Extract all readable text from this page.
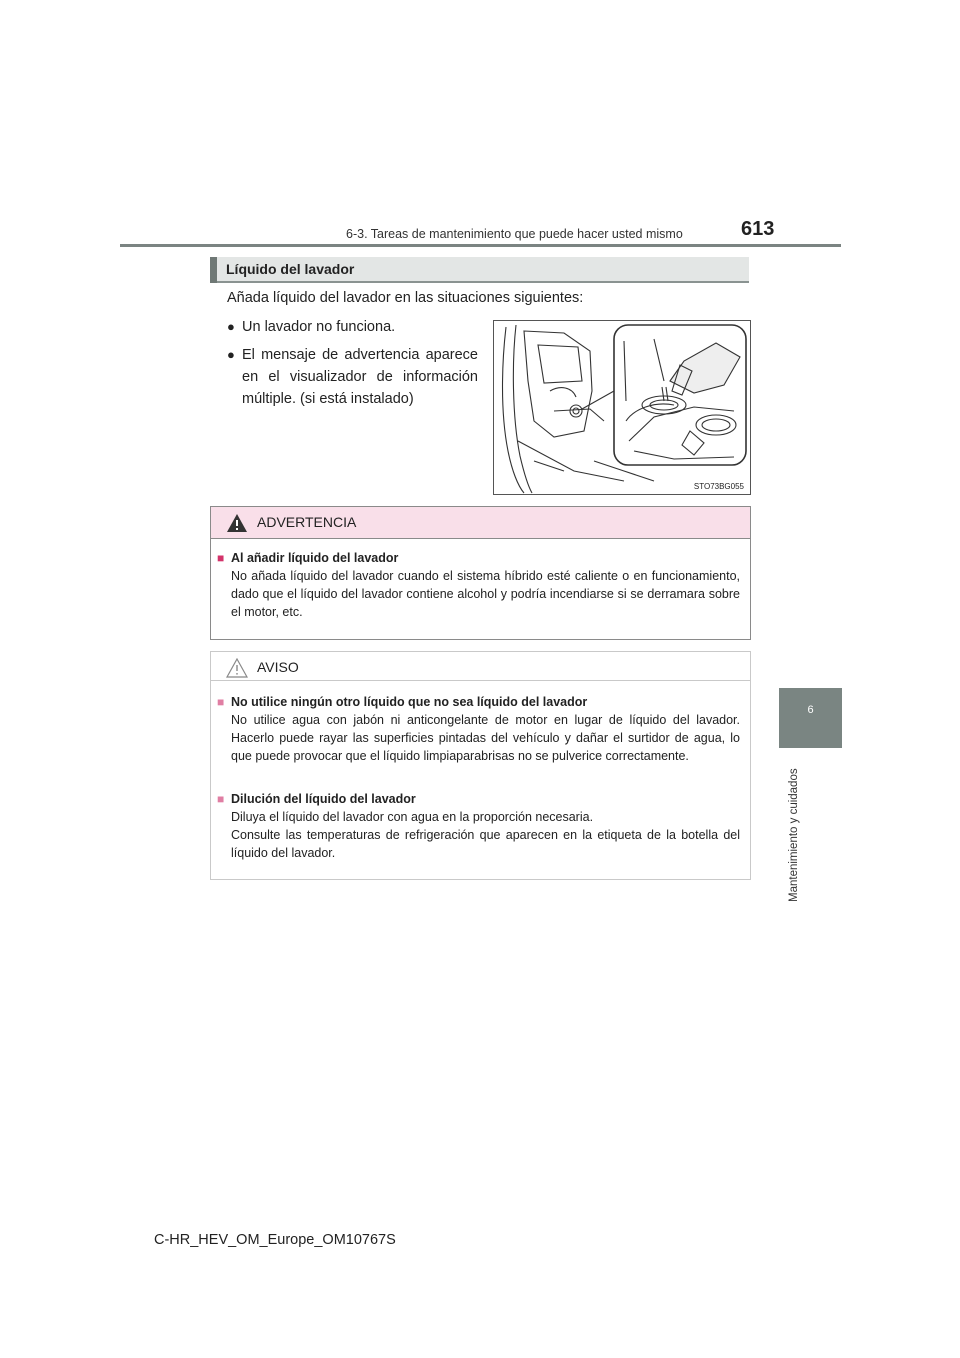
6-3. Tareas de mantenimiento que puede hacer usted mismo	613
6
Mantenimiento y cuidados
Líquido del lavador
Añada líquido del lavador en las situaciones siguientes:
● Un lavador no funciona.
● El mensaje de advertencia aparece en el visualizador de información múltiple. (si está instalado)
STO73BG055
ADVERTENCIA
■ Al añadir líquido del lavador
No añada líquido del lavador cuando el sistema híbrido esté caliente o en funcionamiento, dado que el líquido del lavador contiene alcohol y podría incendiarse si se derramara sobre el motor, etc.
AVISO
■ No utilice ningún otro líquido que no sea líquido del lavador
No utilice agua con jabón ni anticongelante de motor en lugar de líquido del lavador. Hacerlo puede rayar las superficies pintadas del vehículo y dañar el surtidor de agua, lo que puede provocar que el líquido limpiaparabrisas no se pulverice correctamente.
■ Dilución del líquido del lavador
Diluya el líquido del lavador con agua en la proporción necesaria.
Consulte las temperaturas de refrigeración que aparecen en la etiqueta de la botella del líquido del lavador.
C-HR_HEV_OM_Europe_OM10767S
